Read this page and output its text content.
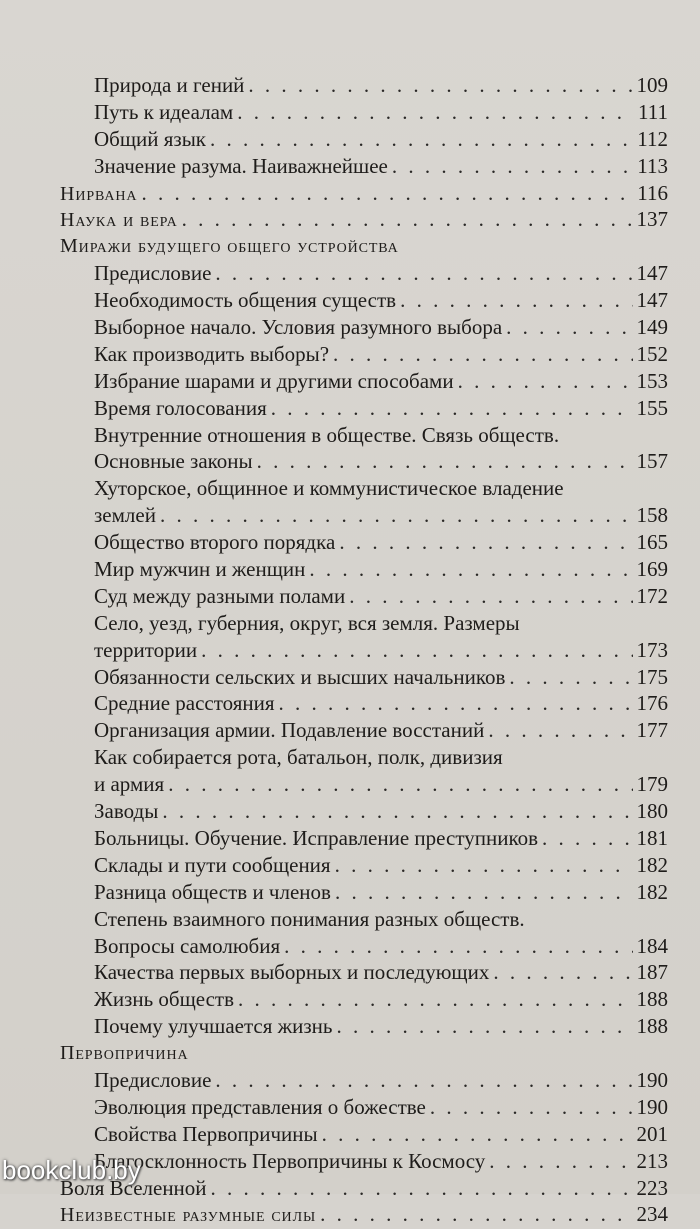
Природа и гений . . .	109
Путь к идеалам . . .	111
Общий язык . . .	112
Значение разума. Наиважнейшее . . .	113
Нирвана . . .	116
Наука и вера . . .	137
Миражи будущего общего устройства
Предисловие . . .	147
Необходимость общения существ . . .	147
Выборное начало. Условия разумного выбора . . .	149
Как производить выборы? . . .	152
Избрание шарами и другими способами . . .	153
Время голосования . . .	155
Внутренние отношения в обществе. Связь обществ.
Основные законы . . .	157
Хуторское, общинное и коммунистическое владение
землей . . .	158
Общество второго порядка . . .	165
Мир мужчин и женщин . . .	169
Суд между разными полами . . .	172
Село, уезд, губерния, округ, вся земля. Размеры
территории . . .	173
Обязанности сельских и высших начальников . . .	175
Средние расстояния . . .	176
Организация армии. Подавление восстаний . . .	177
Как собирается рота, батальон, полк, дивизия
и армия . . .	179
Заводы . . .	180
Больницы. Обучение. Исправление преступников . . .	181
Склады и пути сообщения . . .	182
Разница обществ и членов . . .	182
Степень взаимного понимания разных обществ.
Вопросы самолюбия . . .	184
Качества первых выборных и последующих . . .	187
Жизнь обществ . . .	188
Почему улучшается жизнь . . .	188
Первопричина
Предисловие . . .	190
Эволюция представления о божестве . . .	190
Свойства Первопричины . . .	201
Благосклонность Первопричины к Космосу . . .	213
Воля Вселенной . . .	223
Неизвестные разумные силы . . .	234
bookclub.by
